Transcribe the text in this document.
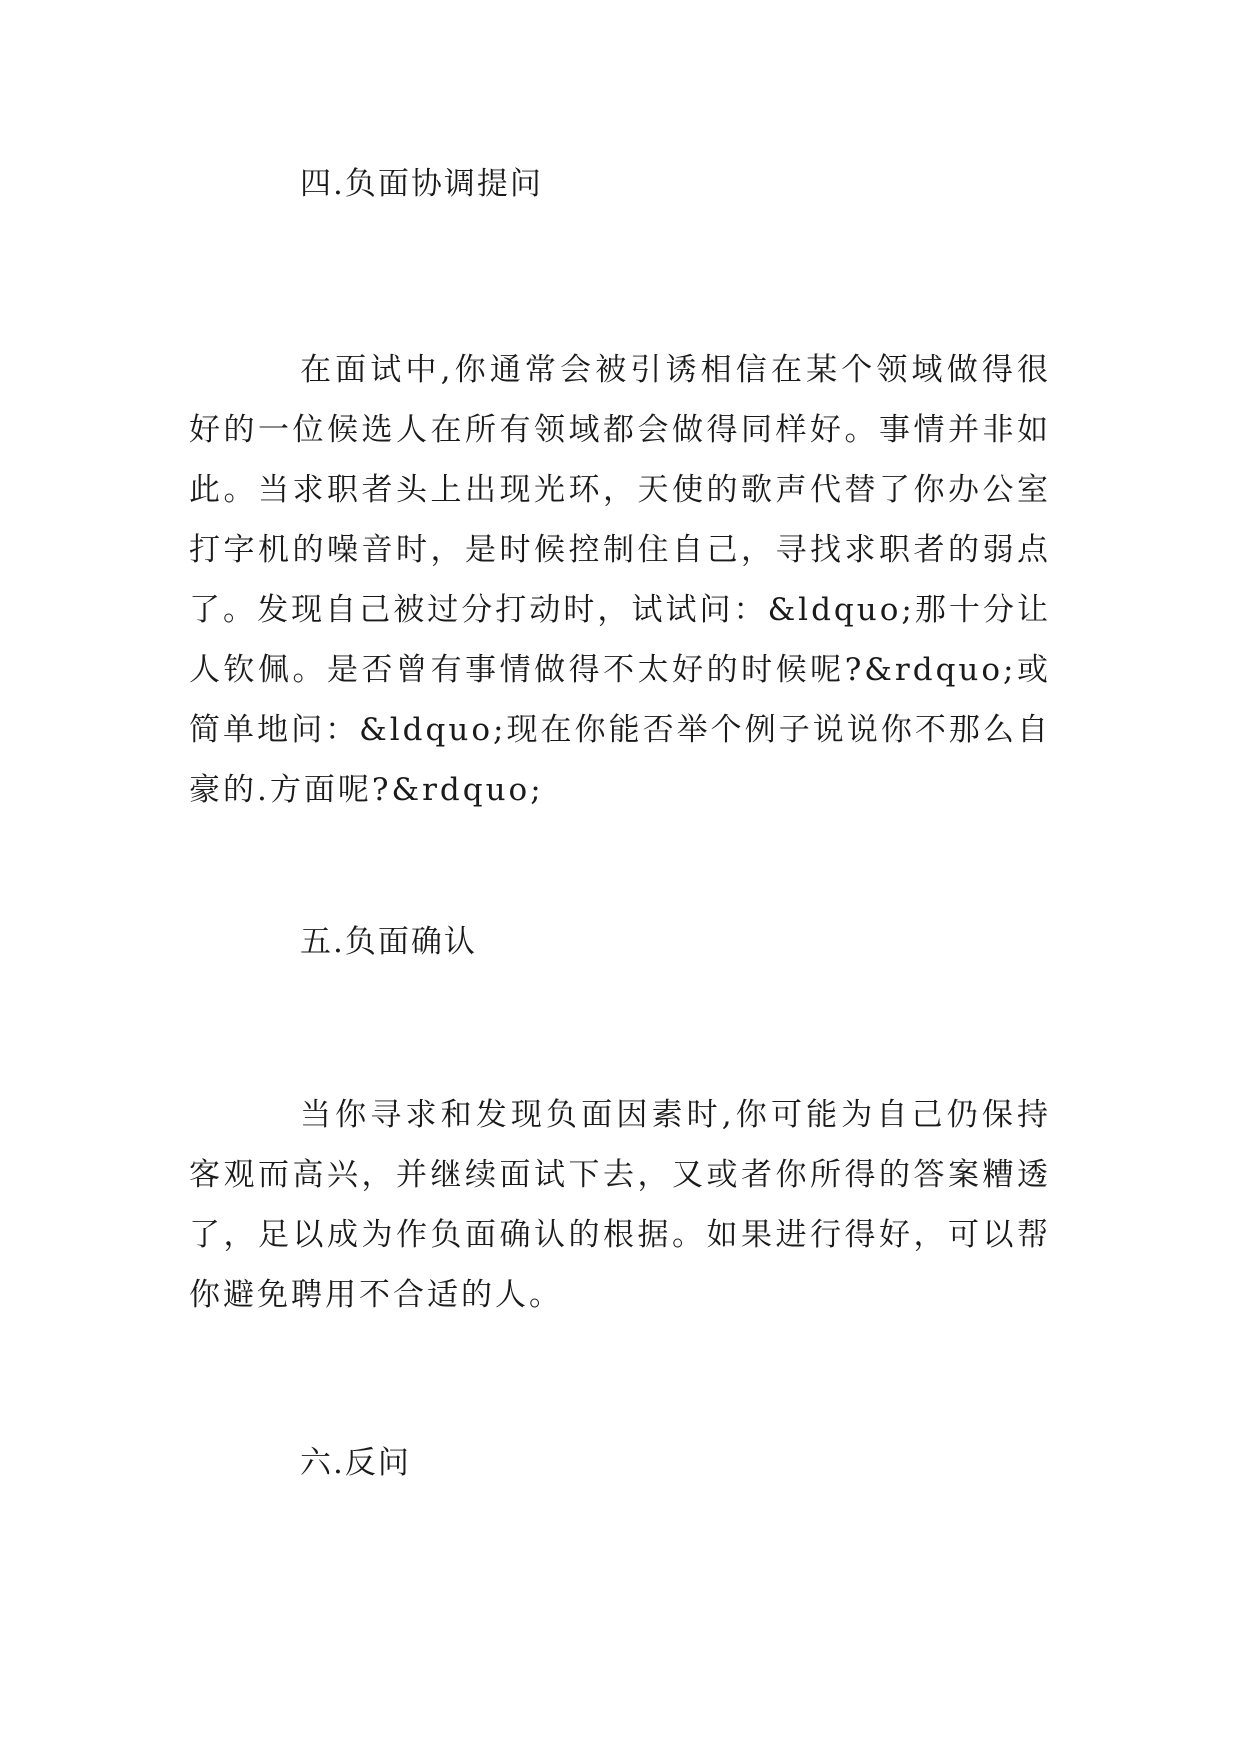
四.负面协调提问
在面试中,你通常会被引诱相信在某个领域做得很好的一位候选人在所有领域都会做得同样好。事情并非如此。当求职者头上出现光环，天使的歌声代替了你办公室打字机的噪音时，是时候控制住自己，寻找求职者的弱点了。发现自己被过分打动时，试试问：&ldquo;那十分让人钦佩。是否曾有事情做得不太好的时候呢?&rdquo;或简单地问：&ldquo;现在你能否举个例子说说你不那么自豪的.方面呢?&rdquo;
五.负面确认
当你寻求和发现负面因素时,你可能为自己仍保持客观而高兴，并继续面试下去，又或者你所得的答案糟透了，足以成为作负面确认的根据。如果进行得好，可以帮你避免聘用不合适的人。
六.反问
